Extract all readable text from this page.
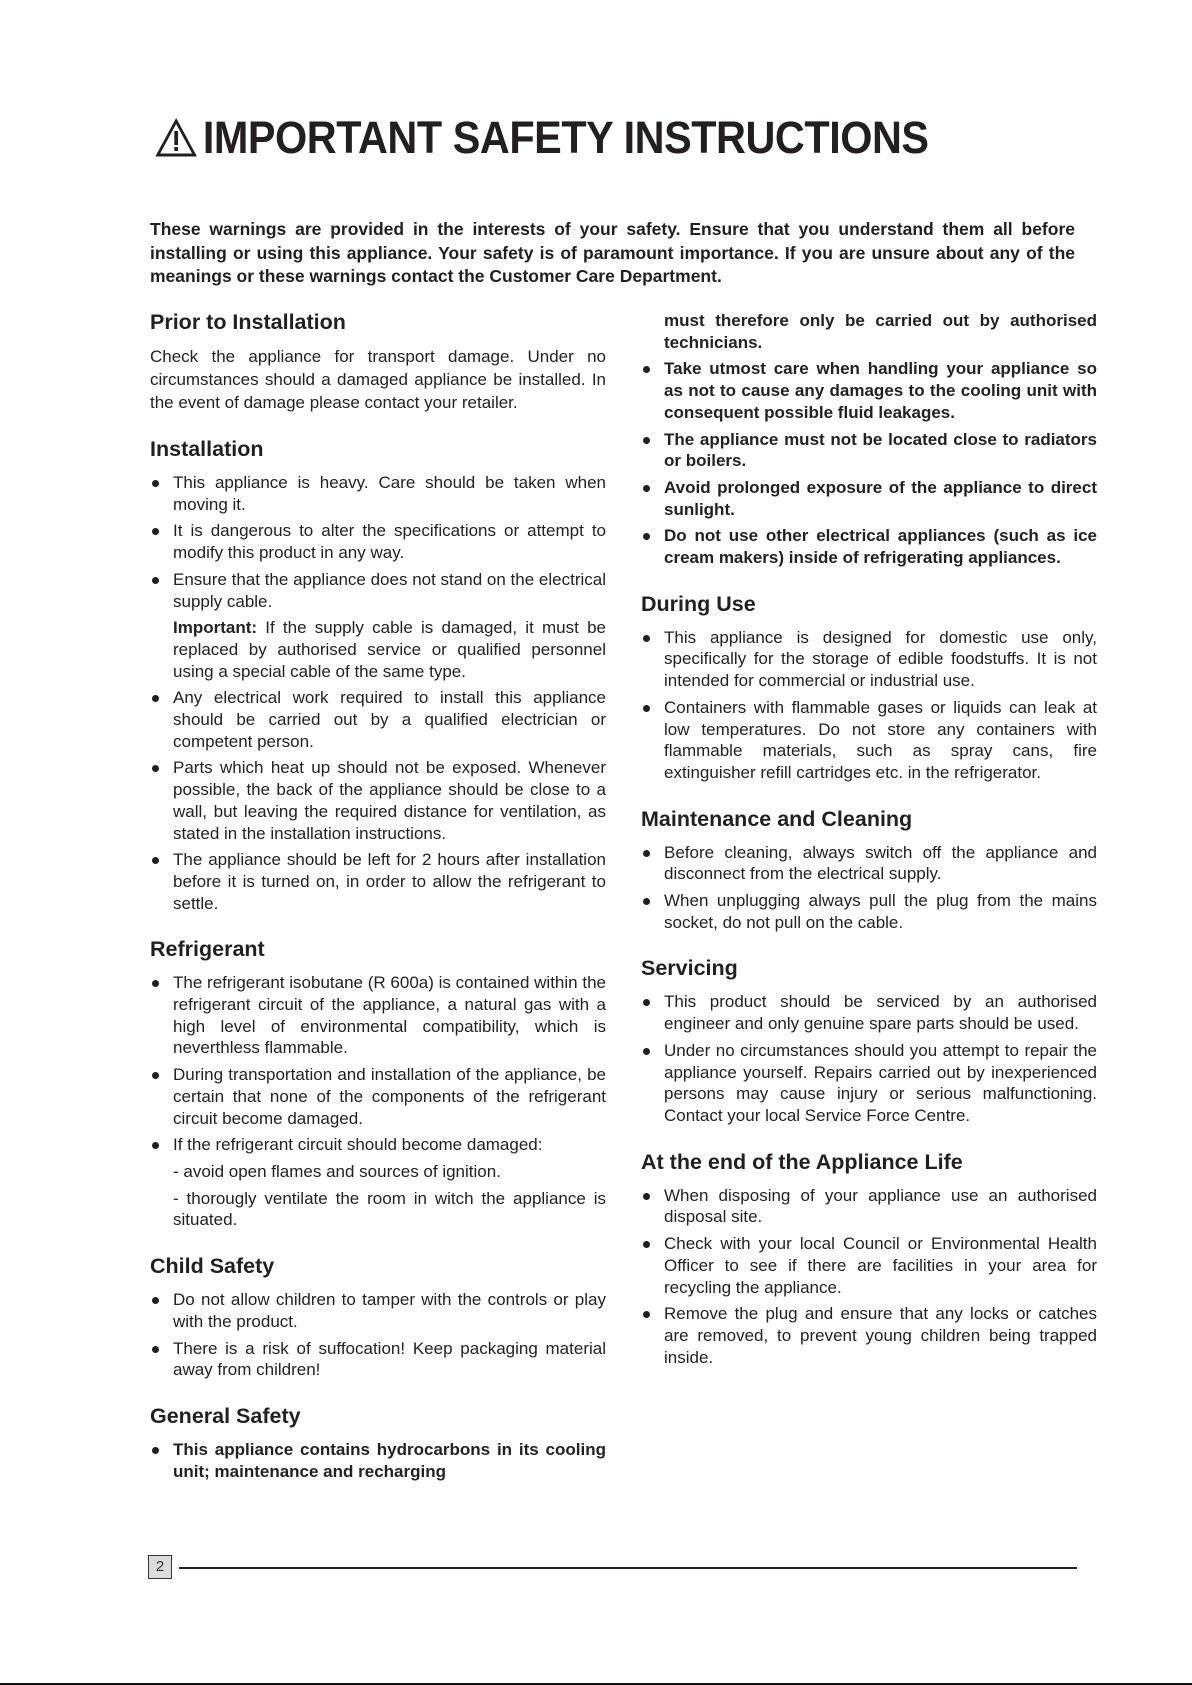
IMPORTANT SAFETY INSTRUCTIONS
These warnings are provided in the interests of your safety. Ensure that you understand them all before installing or using this appliance. Your safety is of paramount importance. If you are unsure about any of the meanings or these warnings contact the Customer Care Department.
Prior to Installation

Check the appliance for transport damage. Under no circumstances should a damaged appliance be installed. In the event of damage please contact your retailer.

Installation
This appliance is heavy. Care should be taken when moving it.
It is dangerous to alter the specifications or attempt to modify this product in any way.
Ensure that the appliance does not stand on the electrical supply cable.
Important: If the supply cable is damaged, it must be replaced by authorised service or qualified personnel using a special cable of the same type.
Any electrical work required to install this appliance should be carried out by a qualified electrician or competent person.
Parts which heat up should not be exposed. Whenever possible, the back of the appliance should be close to a wall, but leaving the required distance for ventilation, as stated in the installation instructions.
The appliance should be left for 2 hours after installation before it is turned on, in order to allow the refrigerant to settle.
Refrigerant
The refrigerant isobutane (R 600a) is contained within the refrigerant circuit of the appliance, a natural gas with a high level of environmental compatibility, which is neverthless flammable.
During transportation and installation of the appliance, be certain that none of the components of the refrigerant circuit become damaged.
If the refrigerant circuit should become damaged:
- avoid open flames and sources of ignition.
- thorougly ventilate the room in witch the appliance is situated.
Child Safety
Do not allow children to tamper with the controls or play with the product.
There is a risk of suffocation! Keep packaging material away from children!
General Safety
This appliance contains hydrocarbons in its cooling unit; maintenance and recharging
must therefore only be carried out by authorised technicians.
Take utmost care when handling your appliance so as not to cause any damages to the cooling unit with consequent possible fluid leakages.
The appliance must not be located close to radiators or boilers.
Avoid prolonged exposure of the appliance to direct sunlight.
Do not use other electrical appliances (such as ice cream makers) inside of refrigerating appliances.
During Use
This appliance is designed for domestic use only, specifically for the storage of edible foodstuffs. It is not intended for commercial or industrial use.
Containers with flammable gases or liquids can leak at low temperatures. Do not store any containers with flammable materials, such as spray cans, fire extinguisher refill cartridges etc. in the refrigerator.
Maintenance and Cleaning
Before cleaning, always switch off the appliance and disconnect from the electrical supply.
When unplugging always pull the plug from the mains socket, do not pull on the cable.
Servicing
This product should be serviced by an authorised engineer and only genuine spare parts should be used.
Under no circumstances should you attempt to repair the appliance yourself. Repairs carried out by inexperienced persons may cause injury or serious malfunctioning. Contact your local Service Force Centre.
At the end of the Appliance Life
When disposing of your appliance use an authorised disposal site.
Check with your local Council or Environmental Health Officer to see if there are facilities in your area for recycling the appliance.
Remove the plug and ensure that any locks or catches are removed, to prevent young children being trapped inside.
2
